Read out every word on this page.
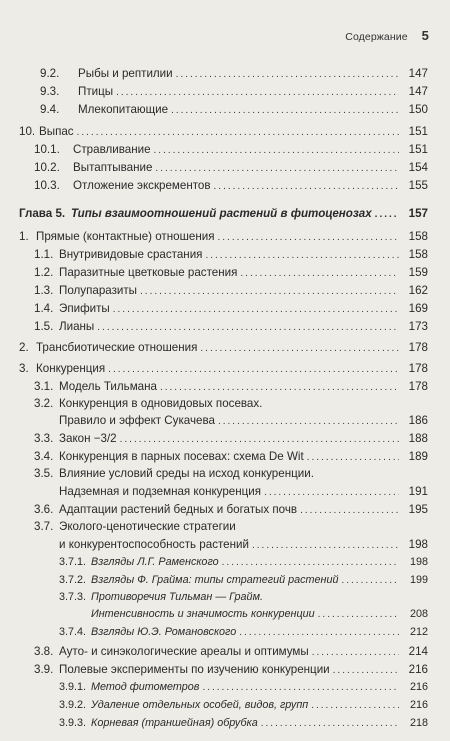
Содержание 5
9.2.	Рыбы и рептилии .....	147
9.3.	Птицы .....	147
9.4.	Млекопитающие .....	150
10. Выпас .....	151
10.1.	Стравливание .....	151
10.2.	Вытаптывание .....	154
10.3.	Отложение экскрементов .....	155
Глава 5. Типы взаимоотношений растений в фитоценозах .....	157
1. Прямые (контактные) отношения .....	158
1.1. Внутривидовые срастания .....	158
1.2. Паразитные цветковые растения .....	159
1.3. Полупаразиты .....	162
1.4. Эпифиты .....	169
1.5. Лианы .....	173
2. Трансбиотические отношения .....	178
3. Конкуренция .....	178
3.1. Модель Тильмана .....	178
3.2. Конкуренция в одновидовых посевах.
Правило и эффект Сукачева .....	186
3.3. Закон −3/2 .....	188
3.4. Конкуренция в парных посевах: схема De Wit .....	189
3.5. Влияние условий среды на исход конкуренции.
Надземная и подземная конкуренция .....	191
3.6. Адаптации растений бедных и богатых почв .....	195
3.7. Эколого-ценотические стратегии
и конкурентоспособность растений .....	198
3.7.1. Взгляды Л.Г. Раменского .....	198
3.7.2. Взгляды Ф. Грайма: типы стратегий растений .....	199
3.7.3. Противоречия Тильман — Грайм.
Интенсивность и значимость конкуренции .....	208
3.7.4. Взгляды Ю.Э. Романовского .....	212
3.8. Ауто- и синэкологические ареалы и оптимумы .....	214
3.9. Полевые эксперименты по изучению конкуренции .....	216
3.9.1. Метод фитометров .....	216
3.9.2. Удаление отдельных особей, видов, групп .....	216
3.9.3. Корневая (траншейная) обрубка .....	218
